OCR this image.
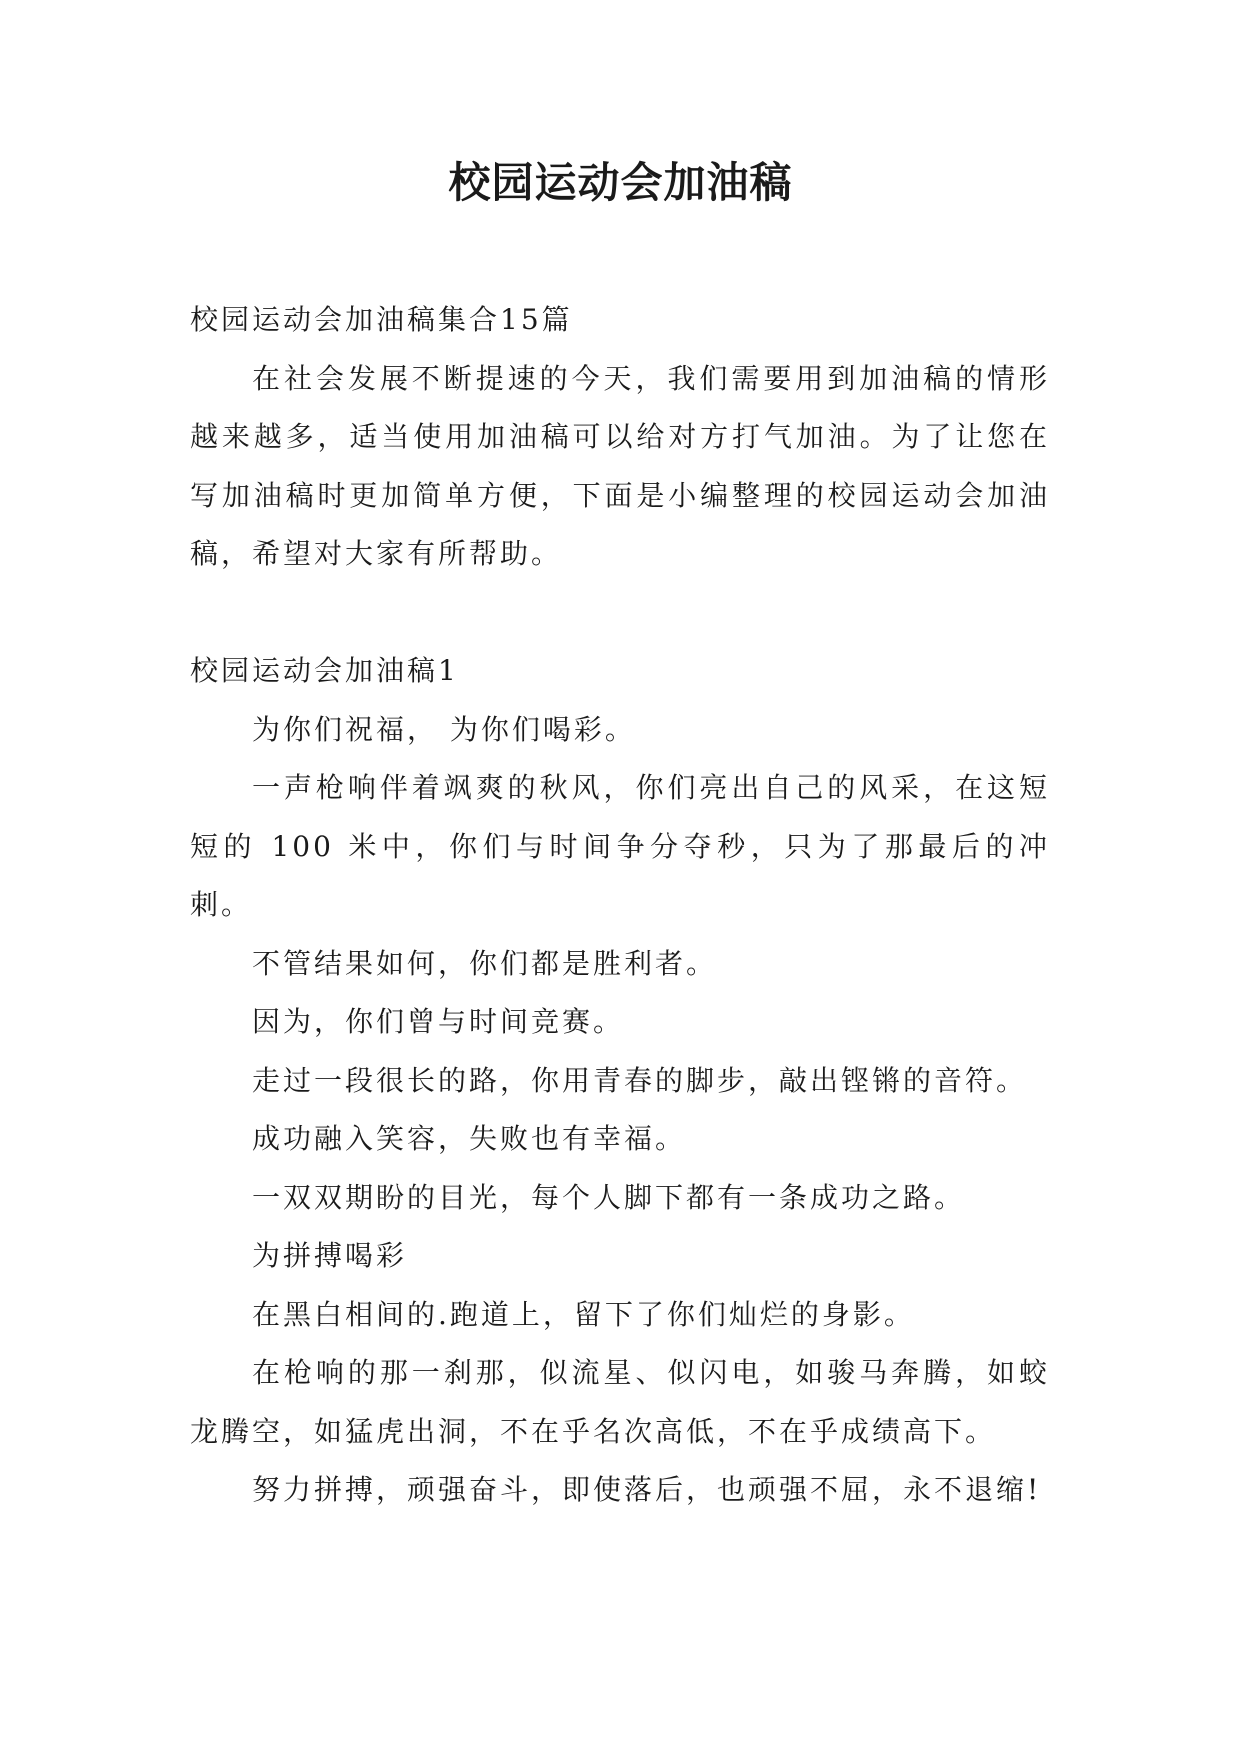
校园运动会加油稿

校园运动会加油稿集合15篇

在社会发展不断提速的今天，我们需要用到加油稿的情形越来越多，适当使用加油稿可以给对方打气加油。为了让您在写加油稿时更加简单方便，下面是小编整理的校园运动会加油稿，希望对大家有所帮助。

校园运动会加油稿1

为你们祝福， 为你们喝彩。

一声枪响伴着飒爽的秋风，你们亮出自己的风采，在这短短的 100 米中，你们与时间争分夺秒，只为了那最后的冲刺。

不管结果如何，你们都是胜利者。

因为，你们曾与时间竞赛。

走过一段很长的路，你用青春的脚步，敲出铿锵的音符。

成功融入笑容，失败也有幸福。

一双双期盼的目光，每个人脚下都有一条成功之路。

为拼搏喝彩

在黑白相间的.跑道上，留下了你们灿烂的身影。

在枪响的那一刹那，似流星、似闪电，如骏马奔腾，如蛟龙腾空，如猛虎出洞，不在乎名次高低，不在乎成绩高下。

努力拼搏，顽强奋斗，即使落后，也顽强不屈，永不退缩!
